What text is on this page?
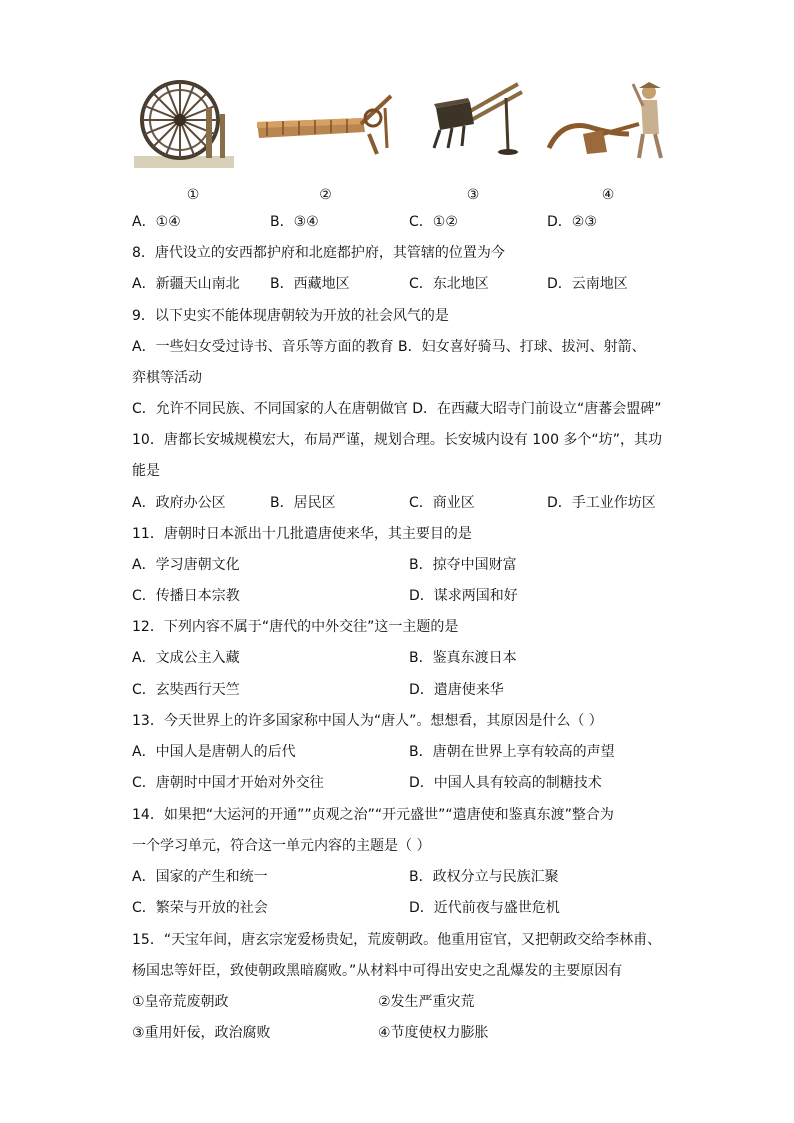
①	②	③	④
A．①④	B．③④	C．①②	D．②③
8．唐代设立的安西都护府和北庭都护府，其管辖的位置为今
A．新疆天山南北 B．西藏地区	C．东北地区	D．云南地区
9．以下史实不能体现唐朝较为开放的社会风气的是
A．一些妇女受过诗书、音乐等方面的教育 B．妇女喜好骑马、打球、拔河、射箭、
弈棋等活动
C．允许不同民族、不同国家的人在唐朝做官 D．在西藏大昭寺门前设立“唐蕃会盟碑”
10．唐都长安城规模宏大，布局严谨，规划合理。长安城内设有 100 多个“坊”，其功
能是
A．政府办公区	B．居民区	C．商业区	D．手工业作坊区
11．唐朝时日本派出十几批遣唐使来华，其主要目的是
A．学习唐朝文化	B．掠夺中国财富
C．传播日本宗教	D．谋求两国和好
12．下列内容不属于“唐代的中外交往”这一主题的是
A．文成公主入藏	B．鉴真东渡日本
C．玄奘西行天竺	D．遣唐使来华
13．今天世界上的许多国家称中国人为“唐人”。想想看，其原因是什么（ ）
A．中国人是唐朝人的后代	B．唐朝在世界上享有较高的声望
C．唐朝时中国才开始对外交往	D．中国人具有较高的制糖技术
14．如果把“大运河的开通””贞观之治”“开元盛世”“遣唐使和鉴真东渡”整合为
一个学习单元，符合这一单元内容的主题是（ ）
A．国家的产生和统一	B．政权分立与民族汇聚
C．繁荣与开放的社会	D．近代前夜与盛世危机
15．“天宝年间，唐玄宗宠爱杨贵妃，荒废朝政。他重用宦官，又把朝政交给李林甫、
杨国忠等奸臣，致使朝政黑暗腐败。”从材料中可得出安史之乱爆发的主要原因有
①皇帝荒废朝政	②发生严重灾荒
③重用奸佞，政治腐败	④节度使权力膨胀
